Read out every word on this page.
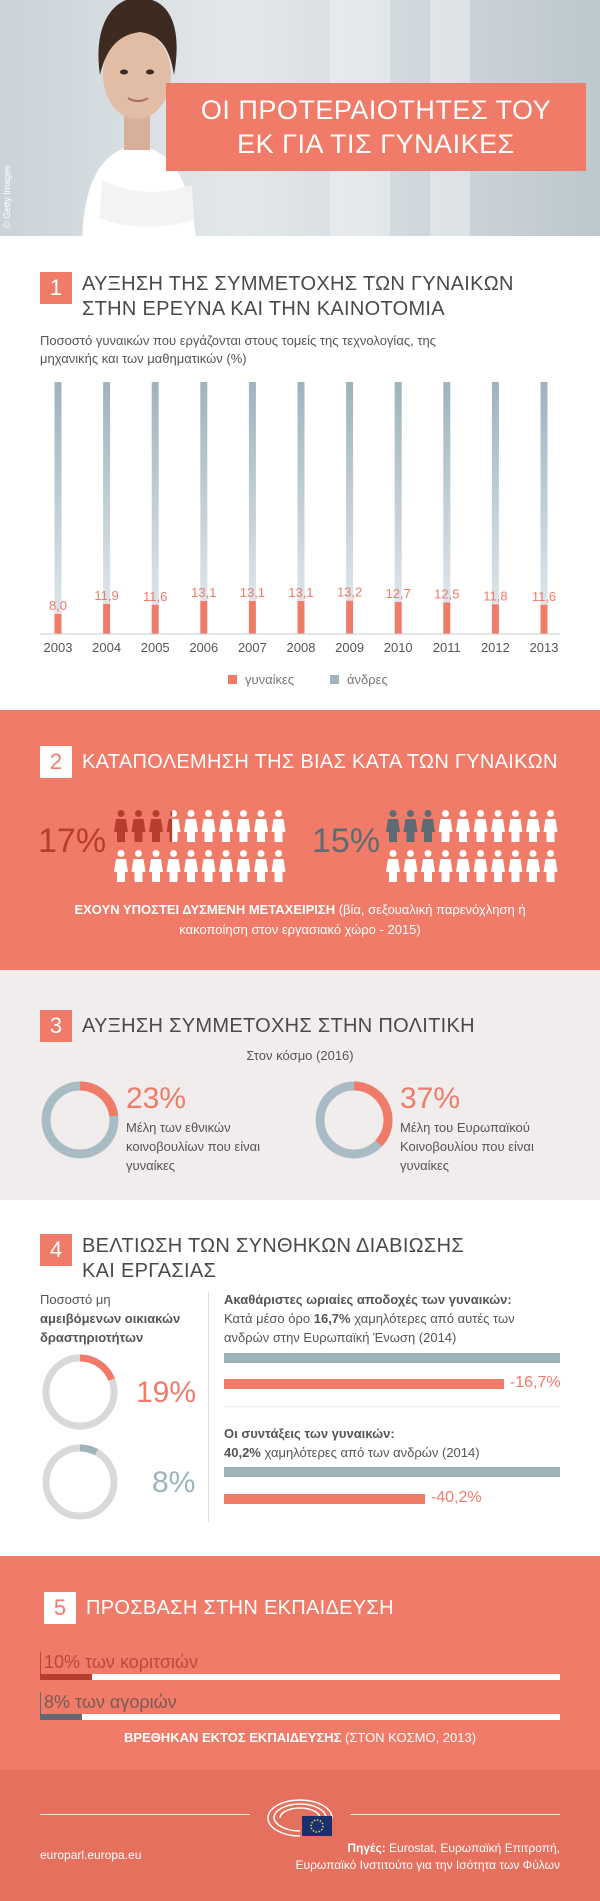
ΟΙ ΠΡΟΤΕΡΑΙΟΤΗΤΕΣ ΤΟΥ
ΕΚ ΓΙΑ ΤΙΣ ΓΥΝΑΙΚΕΣ
© Getty Images
1 ΑΥΞΗΣΗ ΤΗΣ ΣΥΜΜΕΤΟΧΗΣ ΤΩΝ ΓΥΝΑΙΚΩΝ
ΣΤΗΝ ΕΡΕΥΝΑ ΚΑΙ ΤΗΝ ΚΑΙΝΟΤΟΜΙΑ
Ποσοστό γυναικών που εργάζονται στους τομείς της τεχνολογίας, της
μηχανικής και των μαθηματικών (%)
8,0
2003
11,9
2004
11,6
2005
13,1
2006
13,1
2007
13,1
2008
13,2
2009
12,7
2010
12,5
2011
11,8
2012
11,6
2013
γυναίκες	άνδρες
2 ΚΑΤΑΠΟΛΕΜΗΣΗ ΤΗΣ ΒΙΑΣ ΚΑΤΑ ΤΩΝ ΓΥΝΑΙΚΩΝ
17%	15%
ΕΧΟΥΝ ΥΠΟΣΤΕΙ ΔΥΣΜΕΝΗ ΜΕΤΑΧΕΙΡΙΣΗ (βία, σεξουαλική παρενόχληση ή
κακοποίηση στον εργασιακό χώρο - 2015)
3 ΑΥΞΗΣΗ ΣΥΜΜΕΤΟΧΗΣ ΣΤΗΝ ΠΟΛΙΤΙΚΗ
Στον κόσμο (2016)
23%
Μέλη των εθνικών
κοινοβουλίων που είναι
γυναίκες
37%
Μέλη του Ευρωπαϊκού
Κοινοβουλίου που είναι
γυναίκες
4 ΒΕΛΤΙΩΣΗ ΤΩΝ ΣΥΝΘΗΚΩΝ ΔΙΑΒΙΩΣΗΣ
ΚΑΙ ΕΡΓΑΣΙΑΣ
Ποσοστό μη
αμειβόμενων οικιακών
δραστηριοτήτων
19%
8%
Ακαθάριστες ωριαίες αποδοχές των γυναικών:
Κατά μέσο όρο 16,7% χαμηλότερες από αυτές των
ανδρών στην Ευρωπαϊκή Ένωση (2014)
-16,7%
Οι συντάξεις των γυναικών:
40,2% χαμηλότερες από των ανδρών (2014)
-40,2%
5 ΠΡΟΣΒΑΣΗ ΣΤΗΝ ΕΚΠΑΙΔΕΥΣΗ
10% των κοριτσιών
8% των αγοριών
ΒΡΕΘΗΚΑΝ ΕΚΤΟΣ ΕΚΠΑΙΔΕΥΣΗΣ (ΣΤΟΝ ΚΟΣΜΟ, 2013)
europarl.europa.eu	Πηγές: Eurostat, Ευρωπαϊκή Επιτροπή,
Ευρωπαϊκό Ινστιτούτο για την Ισότητα των Φύλων
